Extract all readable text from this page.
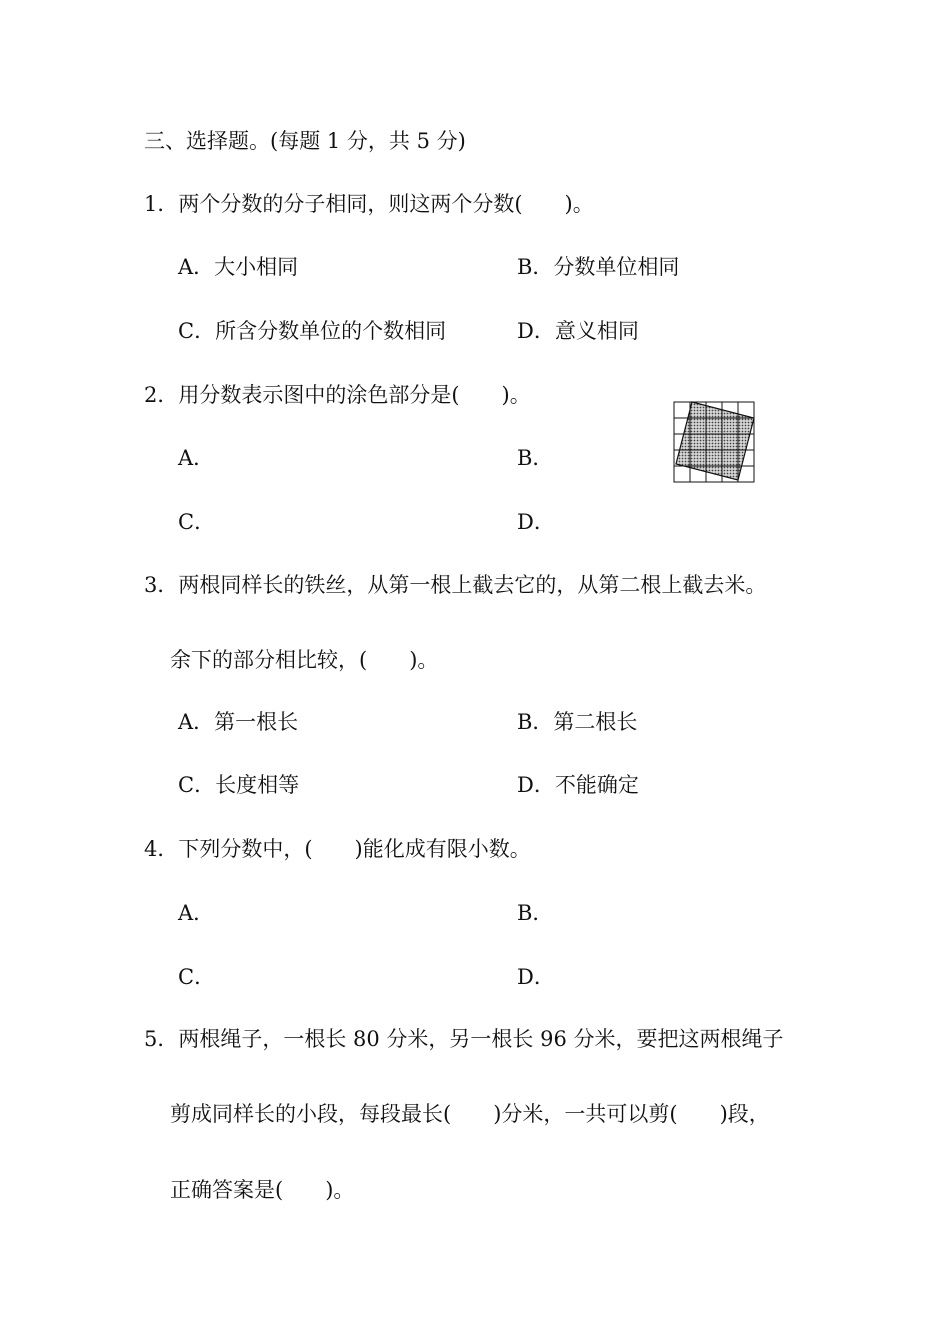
三、选择题。(每题 1 分，共 5 分)
1．两个分数的分子相同，则这两个分数(　　)。
A．大小相同	B．分数单位相同
C．所含分数单位的个数相同	D．意义相同
2．用分数表示图中的涂色部分是(　　)。
A．	B．
C．	D．
3．两根同样长的铁丝，从第一根上截去它的，从第二根上截去米。
余下的部分相比较，(　　)。
A．第一根长	B．第二根长
C．长度相等	D．不能确定
4．下列分数中，(　　)能化成有限小数。
A．	B．
C．	D．
5．两根绳子，一根长 80 分米，另一根长 96 分米，要把这两根绳子
剪成同样长的小段，每段最长(　　)分米，一共可以剪(　　)段，
正确答案是(　　)。
